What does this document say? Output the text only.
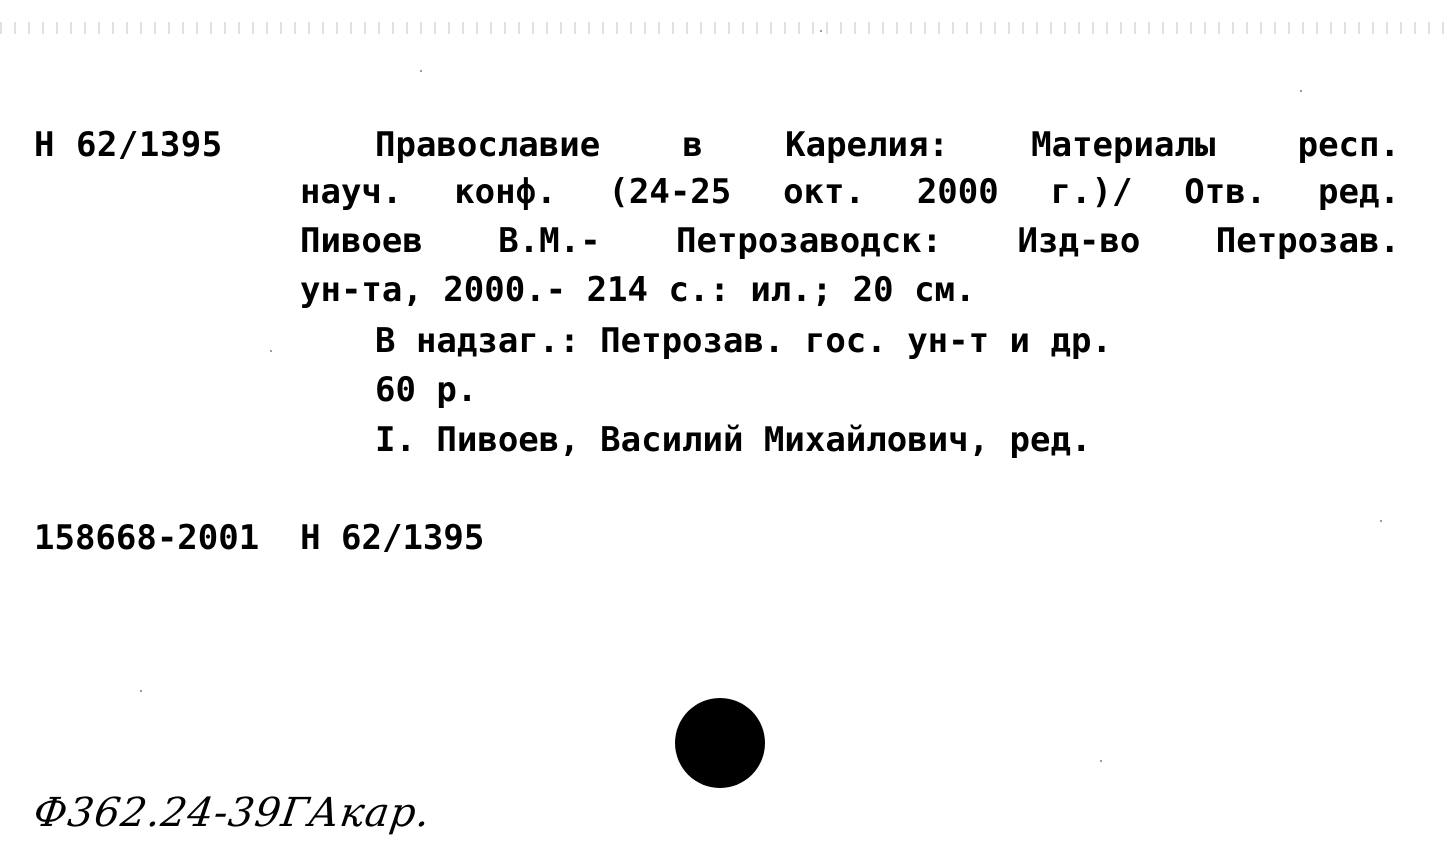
Н 62/1395	Православие в Карелия: Материалы респ.
науч. конф. (24-25 окт. 2000 г.)/ Отв. ред.
Пивоев В.М.- Петрозаводск: Изд-во Петрозав.
ун-та, 2000.- 214 с.: ил.; 20 см.
В надзаг.: Петрозав. гос. ун-т и др.
60 р.
I. Пивоев, Василий Михайлович, ред.
158668-2001  Н 62/1395
Ф362.24-39ГАкар.
